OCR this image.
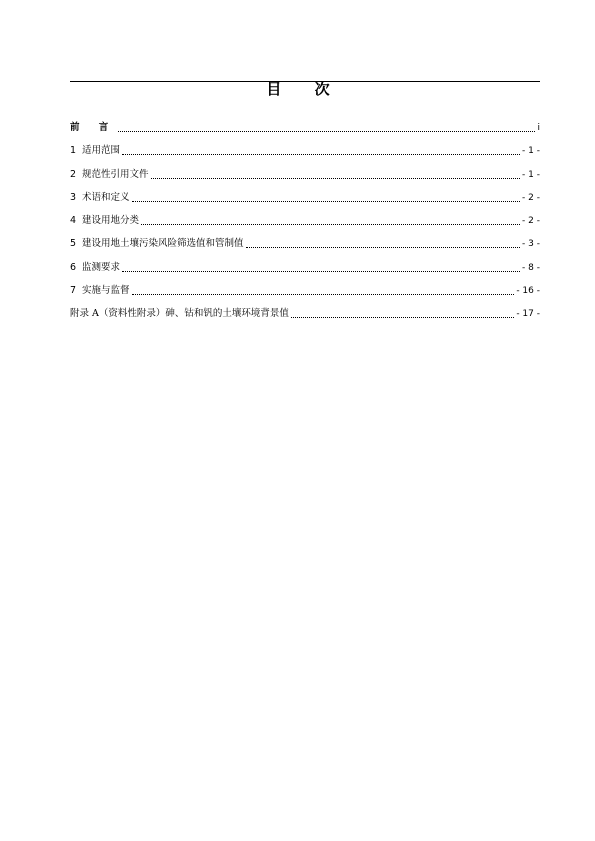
目 次
前 言	i
1 适用范围	- 1 -
2 规范性引用文件	- 1 -
3 术语和定义	- 2 -
4 建设用地分类	- 2 -
5 建设用地土壤污染风险筛选值和管制值	- 3 -
6 监测要求	- 8 -
7 实施与监督	- 16 -
附录 A（资料性附录）砷、钴和钒的土壤环境背景值	- 17 -
